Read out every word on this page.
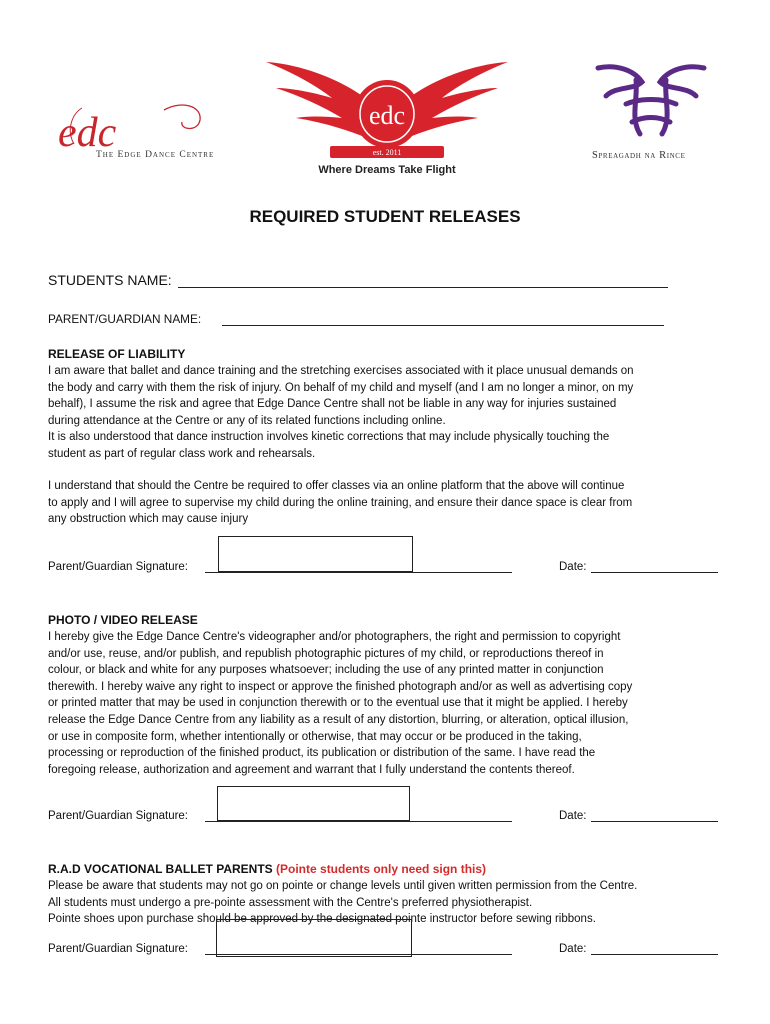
edc
The Edge Dance Centre
edc
est. 2011
Where Dreams Take Flight
Spreagadh na Rince
REQUIRED STUDENT RELEASES
STUDENTS NAME:
PARENT/GUARDIAN NAME:
RELEASE OF LIABILITY
I am aware that ballet and dance training and the stretching exercises associated with it place unusual demands on
the body and carry with them the risk of injury. On behalf of my child and myself (and I am no longer a minor, on my
behalf), I assume the risk and agree that Edge Dance Centre shall not be liable in any way for injuries sustained
during attendance at the Centre or any of its related functions including online.
It is also understood that dance instruction involves kinetic corrections that may include physically touching the
student as part of regular class work and rehearsals.
I understand that should the Centre be required to offer classes via an online platform that the above will continue
to apply and I will agree to supervise my child during the online training, and ensure their dance space is clear from
any obstruction which may cause injury
Parent/Guardian Signature:	Date:
PHOTO / VIDEO RELEASE
I hereby give the Edge Dance Centre's videographer and/or photographers, the right and permission to copyright
and/or use, reuse, and/or publish, and republish photographic pictures of my child, or reproductions thereof in
colour, or black and white for any purposes whatsoever; including the use of any printed matter in conjunction
therewith. I hereby waive any right to inspect or approve the finished photograph and/or as well as advertising copy
or printed matter that may be used in conjunction therewith or to the eventual use that it might be applied. I hereby
release the Edge Dance Centre from any liability as a result of any distortion, blurring, or alteration, optical illusion,
or use in composite form, whether intentionally or otherwise, that may occur or be produced in the taking,
processing or reproduction of the finished product, its publication or distribution of the same. I have read the
foregoing release, authorization and agreement and warrant that I fully understand the contents thereof.
Parent/Guardian Signature:	Date:
R.A.D VOCATIONAL BALLET PARENTS (Pointe students only need sign this)
Please be aware that students may not go on pointe or change levels until given written permission from the Centre.
All students must undergo a pre-pointe assessment with the Centre's preferred physiotherapist.
Pointe shoes upon purchase should be approved by the designated pointe instructor before sewing ribbons.
Parent/Guardian Signature:	Date:
